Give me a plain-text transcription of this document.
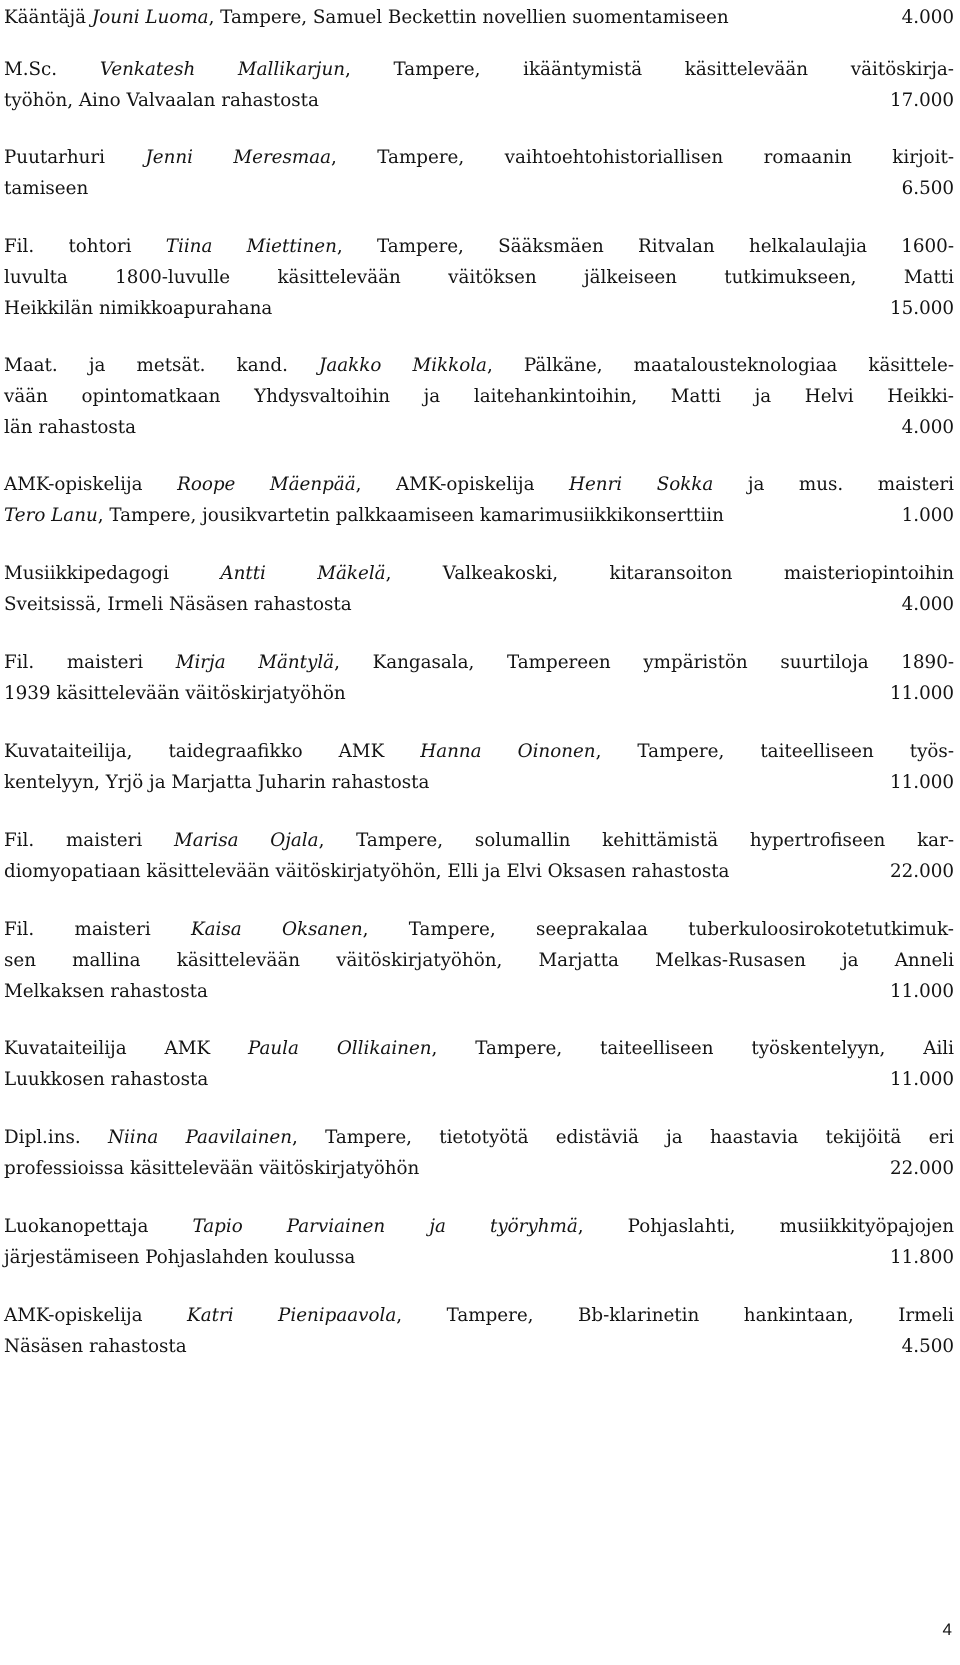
Kääntäjä Jouni Luoma, Tampere, Samuel Beckettin novellien suomentamiseen	4.000
M.Sc. Venkatesh Mallikarjun, Tampere, ikääntymistä käsittelevään väitöskirja-
työhön, Aino Valvaalan rahastosta	17.000
Puutarhuri Jenni Meresmaa, Tampere, vaihtoehtohistoriallisen romaanin kirjoit-
tamiseen	6.500
Fil. tohtori Tiina Miettinen, Tampere, Sääksmäen Ritvalan helkalaulajia 1600-
luvulta 1800-luvulle käsittelevään väitöksen jälkeiseen tutkimukseen, Matti
Heikkilän nimikkoapurahana	15.000
Maat. ja metsät. kand. Jaakko Mikkola, Pälkäne, maatalousteknologiaa käsittele-
vään opintomatkaan Yhdysvaltoihin ja laitehankintoihin, Matti ja Helvi Heikki-
län rahastosta	4.000
AMK-opiskelija Roope Mäenpää, AMK-opiskelija Henri Sokka ja mus. maisteri
Tero Lanu, Tampere, jousikvartetin palkkaamiseen kamarimusiikkikonserttiin	1.000
Musiikkipedagogi Antti Mäkelä, Valkeakoski, kitaransoiton maisteriopintoihin
Sveitsissä, Irmeli Näsäsen rahastosta	4.000
Fil. maisteri Mirja Mäntylä, Kangasala, Tampereen ympäristön suurtiloja 1890-
1939 käsittelevään väitöskirjatyöhön	11.000
Kuvataiteilija, taidegraafikko AMK Hanna Oinonen, Tampere, taiteelliseen työs-
kentelyyn, Yrjö ja Marjatta Juharin rahastosta	11.000
Fil. maisteri Marisa Ojala, Tampere, solumallin kehittämistä hypertrofiseen kar-
diomyopatiaan käsittelevään väitöskirjatyöhön, Elli ja Elvi Oksasen rahastosta	22.000
Fil. maisteri Kaisa Oksanen, Tampere, seeprakalaa tuberkuloosirokotetutkimuk-
sen mallina käsittelevään väitöskirjatyöhön, Marjatta Melkas-Rusasen ja Anneli
Melkaksen rahastosta	11.000
Kuvataiteilija AMK Paula Ollikainen, Tampere, taiteelliseen työskentelyyn, Aili
Luukkosen rahastosta	11.000
Dipl.ins. Niina Paavilainen, Tampere, tietotyötä edistäviä ja haastavia tekijöitä eri
professioissa käsittelevään väitöskirjatyöhön	22.000
Luokanopettaja Tapio Parviainen ja työryhmä, Pohjaslahti, musiikkityöpajojen
järjestämiseen Pohjaslahden koulussa	11.800
AMK-opiskelija Katri Pienipaavola, Tampere, Bb-klarinetin hankintaan, Irmeli
Näsäsen rahastosta	4.500
4
